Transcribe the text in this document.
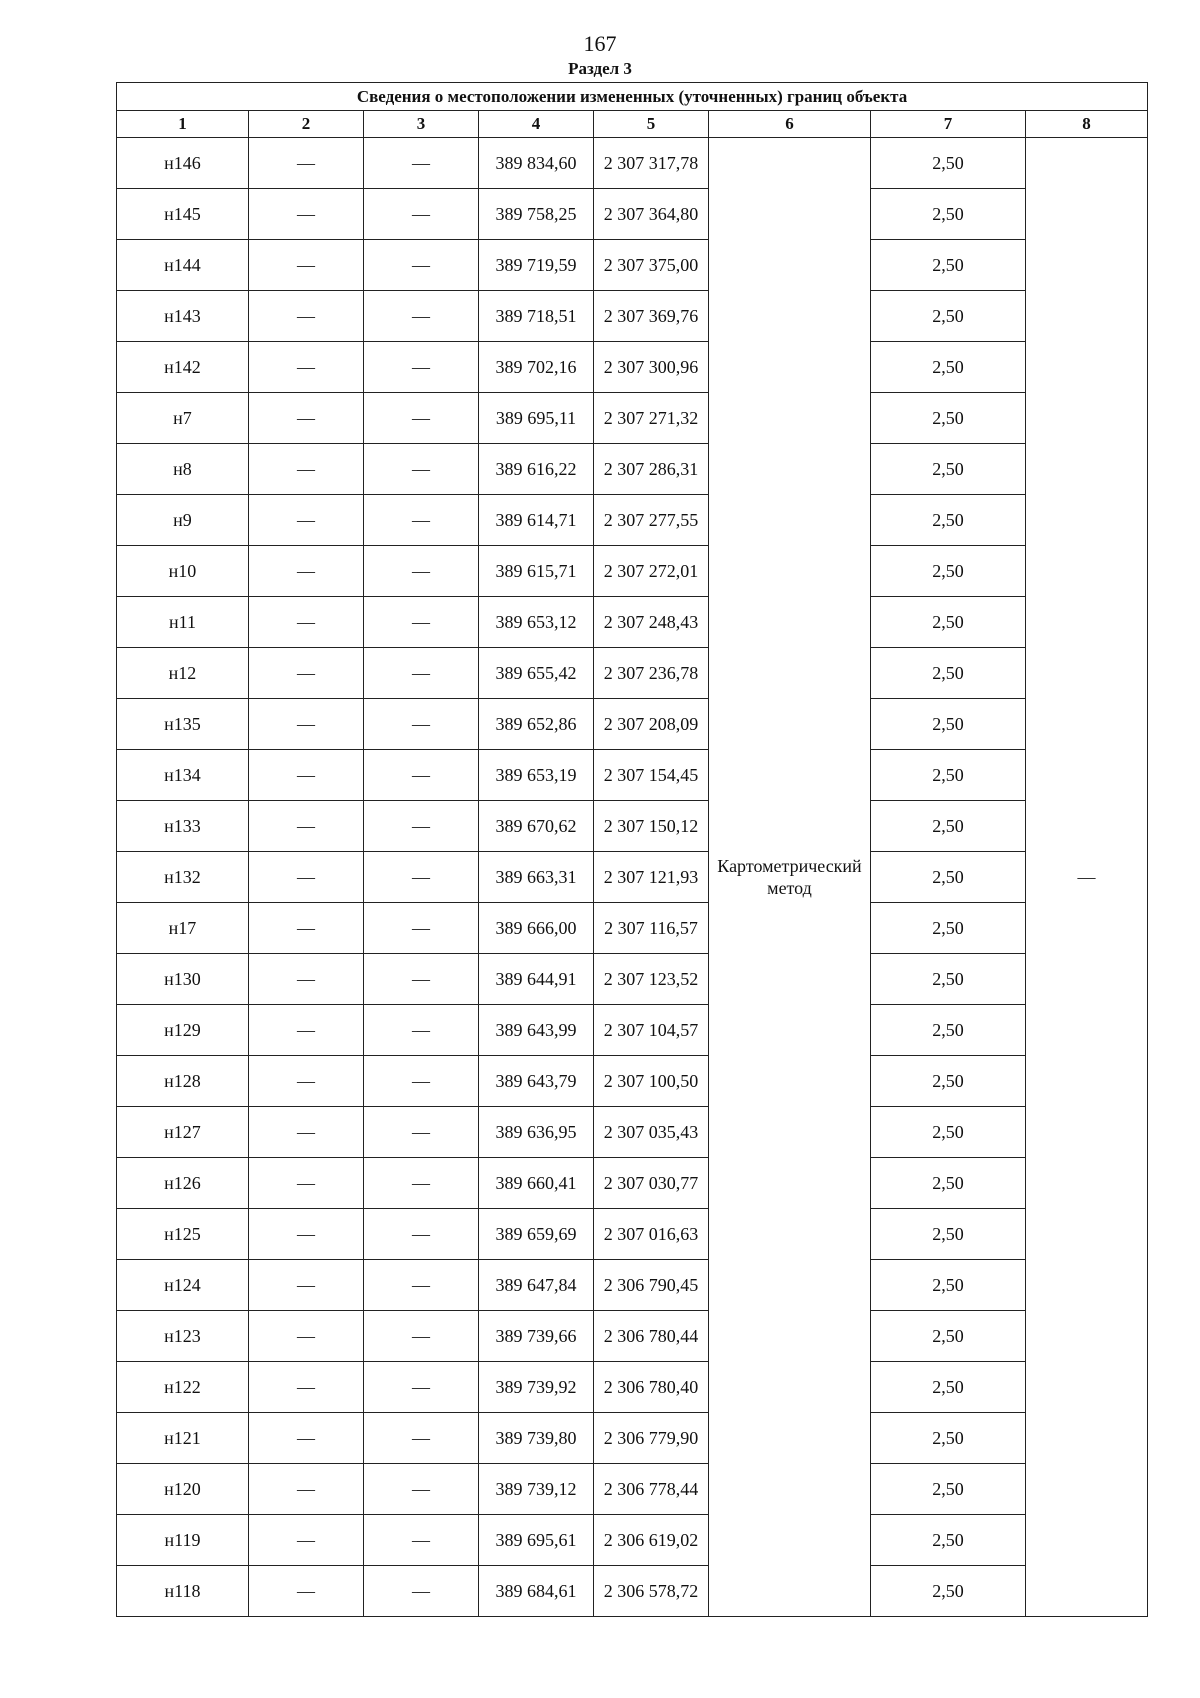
167
Раздел 3
Сведения о местоположении измененных (уточненных) границ объекта							
1	2	3	4	5	6	7	8
н146	—	—	389 834,60	2 307 317,78	Картометрический метод	2,50	—
н145	—	—	389 758,25	2 307 364,80		2,50	
н144	—	—	389 719,59	2 307 375,00		2,50	
н143	—	—	389 718,51	2 307 369,76		2,50	
н142	—	—	389 702,16	2 307 300,96		2,50	
н7	—	—	389 695,11	2 307 271,32		2,50	
н8	—	—	389 616,22	2 307 286,31		2,50	
н9	—	—	389 614,71	2 307 277,55		2,50	
н10	—	—	389 615,71	2 307 272,01		2,50	
н11	—	—	389 653,12	2 307 248,43		2,50	
н12	—	—	389 655,42	2 307 236,78		2,50	
н135	—	—	389 652,86	2 307 208,09		2,50	
н134	—	—	389 653,19	2 307 154,45		2,50	
н133	—	—	389 670,62	2 307 150,12		2,50	
н132	—	—	389 663,31	2 307 121,93		2,50	
н17	—	—	389 666,00	2 307 116,57		2,50	
н130	—	—	389 644,91	2 307 123,52		2,50	
н129	—	—	389 643,99	2 307 104,57		2,50	
н128	—	—	389 643,79	2 307 100,50		2,50	
н127	—	—	389 636,95	2 307 035,43		2,50	
н126	—	—	389 660,41	2 307 030,77		2,50	
н125	—	—	389 659,69	2 307 016,63		2,50	
н124	—	—	389 647,84	2 306 790,45		2,50	
н123	—	—	389 739,66	2 306 780,44		2,50	
н122	—	—	389 739,92	2 306 780,40		2,50	
н121	—	—	389 739,80	2 306 779,90		2,50	
н120	—	—	389 739,12	2 306 778,44		2,50	
н119	—	—	389 695,61	2 306 619,02		2,50	
н118	—	—	389 684,61	2 306 578,72		2,50	
